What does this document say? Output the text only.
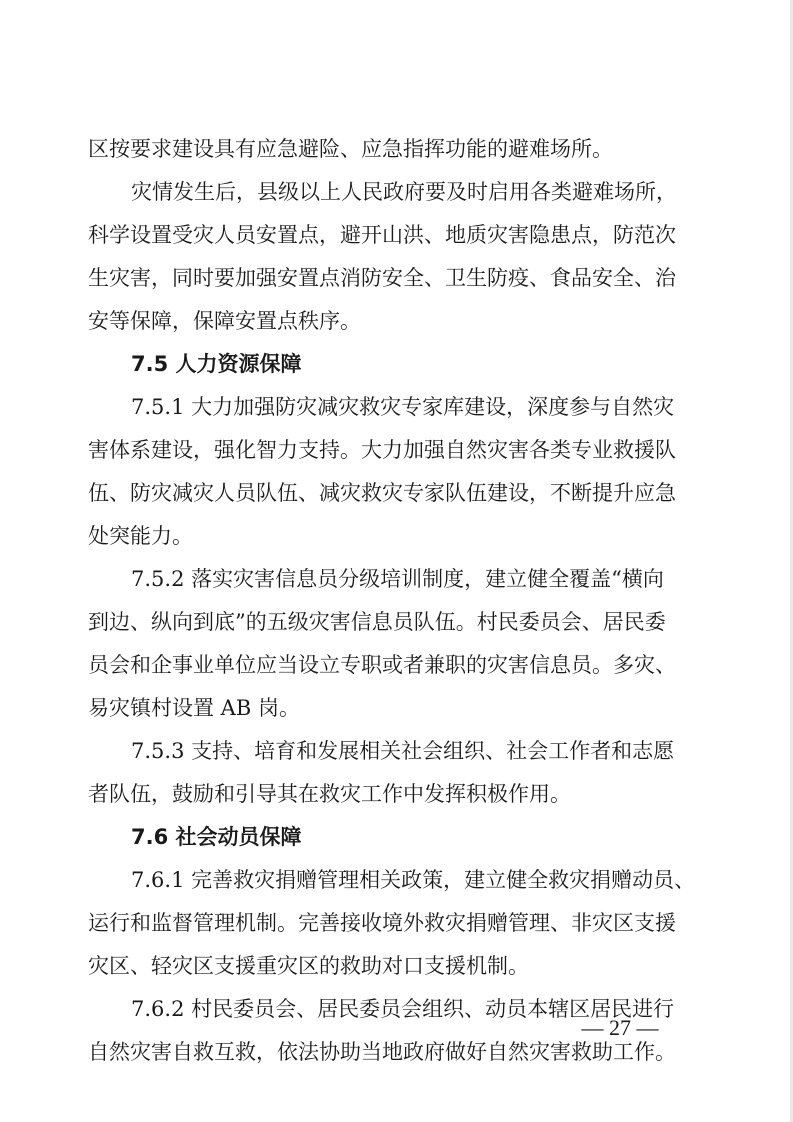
区按要求建设具有应急避险、应急指挥功能的避难场所。
灾情发生后，县级以上人民政府要及时启用各类避难场所，
科学设置受灾人员安置点，避开山洪、地质灾害隐患点，防范次
生灾害，同时要加强安置点消防安全、卫生防疫、食品安全、治
安等保障，保障安置点秩序。
7.5 人力资源保障
7.5.1 大力加强防灾减灾救灾专家库建设，深度参与自然灾
害体系建设，强化智力支持。大力加强自然灾害各类专业救援队
伍、防灾减灾人员队伍、减灾救灾专家队伍建设，不断提升应急
处突能力。
7.5.2 落实灾害信息员分级培训制度，建立健全覆盖“横向
到边、纵向到底”的五级灾害信息员队伍。村民委员会、居民委
员会和企事业单位应当设立专职或者兼职的灾害信息员。多灾、
易灾镇村设置 AB 岗。
7.5.3 支持、培育和发展相关社会组织、社会工作者和志愿
者队伍，鼓励和引导其在救灾工作中发挥积极作用。
7.6 社会动员保障
7.6.1 完善救灾捐赠管理相关政策，建立健全救灾捐赠动员、
运行和监督管理机制。完善接收境外救灾捐赠管理、非灾区支援
灾区、轻灾区支援重灾区的救助对口支援机制。
7.6.2 村民委员会、居民委员会组织、动员本辖区居民进行
自然灾害自救互救，依法协助当地政府做好自然灾害救助工作。
— 27 —
